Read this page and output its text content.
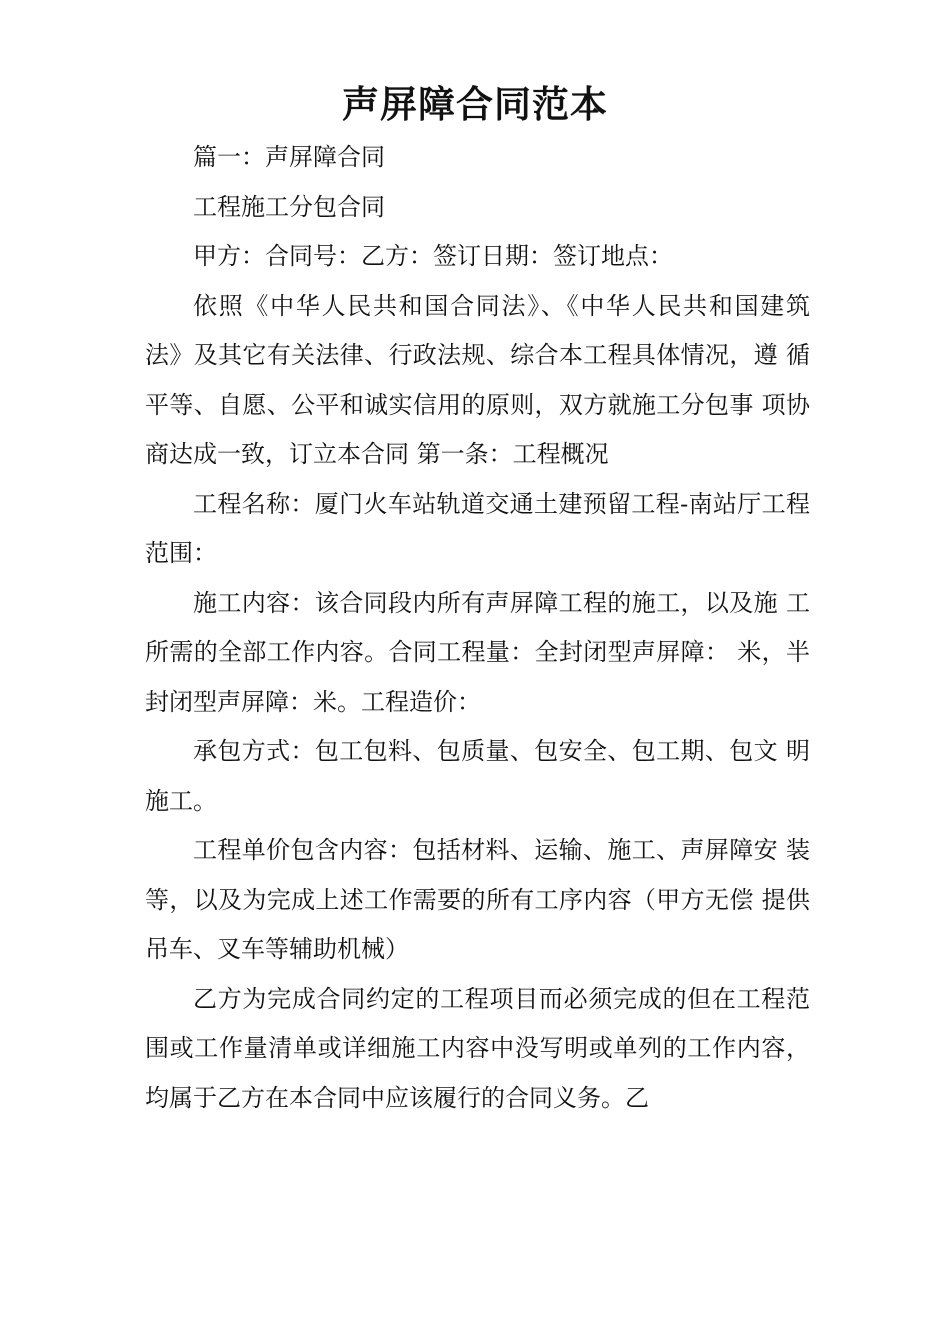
声屏障合同范本

篇一：声屏障合同

工程施工分包合同

甲方：合同号：乙方：签订日期：签订地点：

依照《中华人民共和国合同法》、《中华人民共和国建筑 法》及其它有关法律、行政法规、综合本工程具体情况，遵 循平等、自愿、公平和诚实信用的原则，双方就施工分包事 项协商达成一致，订立本合同 第一条：工程概况

工程名称：厦门火车站轨道交通土建预留工程-南站厅工程范围：

施工内容：该合同段内所有声屏障工程的施工，以及施 工所需的全部工作内容。合同工程量：全封闭型声屏障： 米，半封闭型声屏障：米。工程造价：

承包方式：包工包料、包质量、包安全、包工期、包文 明施工。

工程单价包含内容：包括材料、运输、施工、声屏障安 装等，以及为完成上述工作需要的所有工序内容（甲方无偿 提供吊车、叉车等辅助机械）

乙方为完成合同约定的工程项目而必须完成的但在工程范围或工作量清单或详细施工内容中没写明或单列的工作内容，均属于乙方在本合同中应该履行的合同义务。乙
